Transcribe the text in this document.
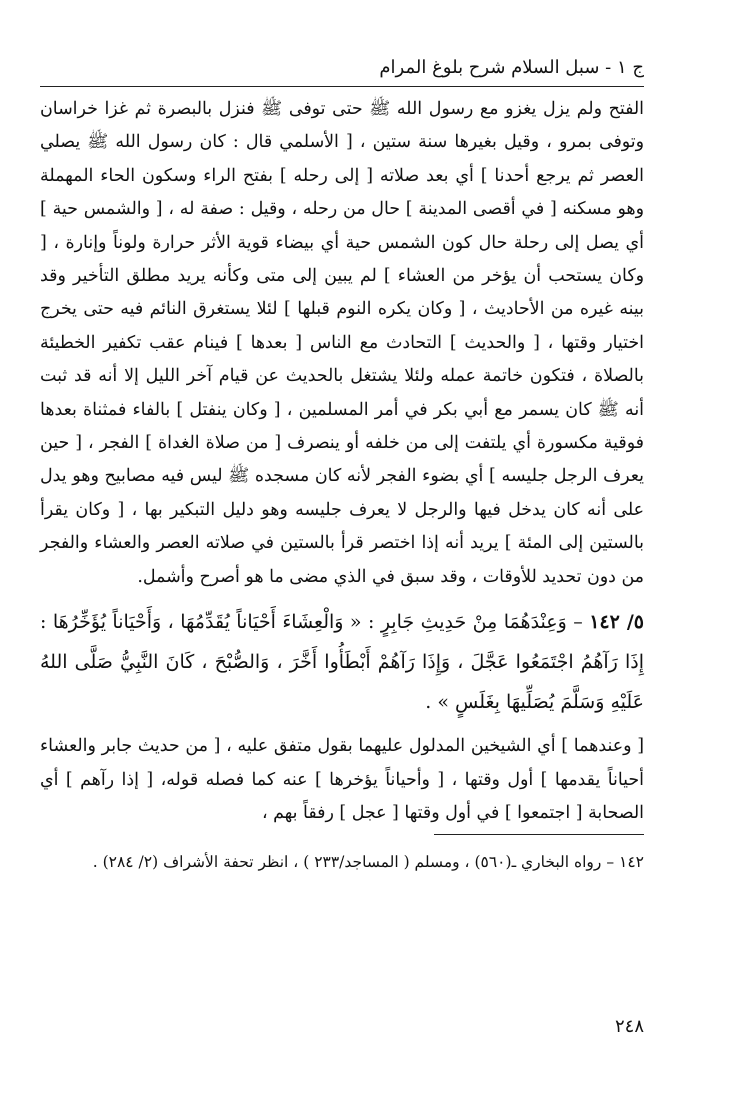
ج ١ - سبل السلام شرح بلوغ المرام

الفتح ولم يزل يغزو مع رسول الله ﷺ حتى توفى ﷺ فنزل بالبصرة ثم غزا خراسان وتوفى بمرو ، وقيل بغيرها سنة ستين ، [ الأسلمي قال : كان رسول الله ﷺ يصلي العصر ثم يرجع أحدنا ] أي بعد صلاته [ إلى رحله ] بفتح الراء وسكون الحاء المهملة وهو مسكنه [ في أقصى المدينة ] حال من رحله ، وقيل : صفة له ، [ والشمس حية ] أي يصل إلى رحلة حال كون الشمس حية أي بيضاء قوية الأثر حرارة ولوناً وإنارة ، [ وكان يستحب أن يؤخر من العشاء ] لم يبين إلى متى وكأنه يريد مطلق التأخير وقد بينه غيره من الأحاديث ، [ وكان يكره النوم قبلها ] لئلا يستغرق النائم فيه حتى يخرج اختيار وقتها ، [ والحديث ] التحادث مع الناس [ بعدها ] فينام عقب تكفير الخطيئة بالصلاة ، فتكون خاتمة عمله ولئلا يشتغل بالحديث عن قيام آخر الليل إلا أنه قد ثبت أنه ﷺ كان يسمر مع أبي بكر في أمر المسلمين ، [ وكان ينفتل ] بالفاء فمثناة بعدها فوقية مكسورة أي يلتفت إلى من خلفه أو ينصرف [ من صلاة الغداة ] الفجر ، [ حين يعرف الرجل جليسه ] أي بضوء الفجر لأنه كان مسجده ﷺ ليس فيه مصابيح وهو يدل على أنه كان يدخل فيها والرجل لا يعرف جليسه وهو دليل التبكير بها ، [ وكان يقرأ بالستين إلى المئة ] يريد أنه إذا اختصر قرأ بالستين في صلاته العصر والعشاء والفجر من دون تحديد للأوقات ، وقد سبق في الذي مضى ما هو أصرح وأشمل.

٥/ ١٤٢ – وَعِنْدَهُمَا مِنْ حَدِيثِ جَابِرٍ : « وَالْعِشَاءَ أَحْيَاناً يُقَدِّمُهَا ، وَأَحْيَاناً يُؤَخِّرُهَا : إِذَا رَآهُمُ اجْتَمَعُوا عَجَّلَ ، وَإِذَا رَآهُمْ أَبْطَأُوا أَخَّرَ ، وَالصُّبْحَ ، كَانَ النَّبِيُّ صَلَّى اللهُ عَلَيْهِ وَسَلَّمَ يُصَلِّيهَا بِغَلَسٍ » .

[ وعندهما ] أي الشيخين المدلول عليهما بقول متفق عليه ، [ من حديث جابر والعشاء أحياناً يقدمها ] أول وقتها ، [ وأحياناً يؤخرها ] عنه كما فصله قوله، [ إذا رآهم ] أي الصحابة [ اجتمعوا ] في أول وقتها [ عجل ] رفقاً بهم ،

١٤٢ – رواه البخاري ـ(٥٦٠) ، ومسلم ( المساجد/٢٣٣ ) ، انظر تحفة الأشراف (٢/ ٢٨٤) .

٢٤٨
